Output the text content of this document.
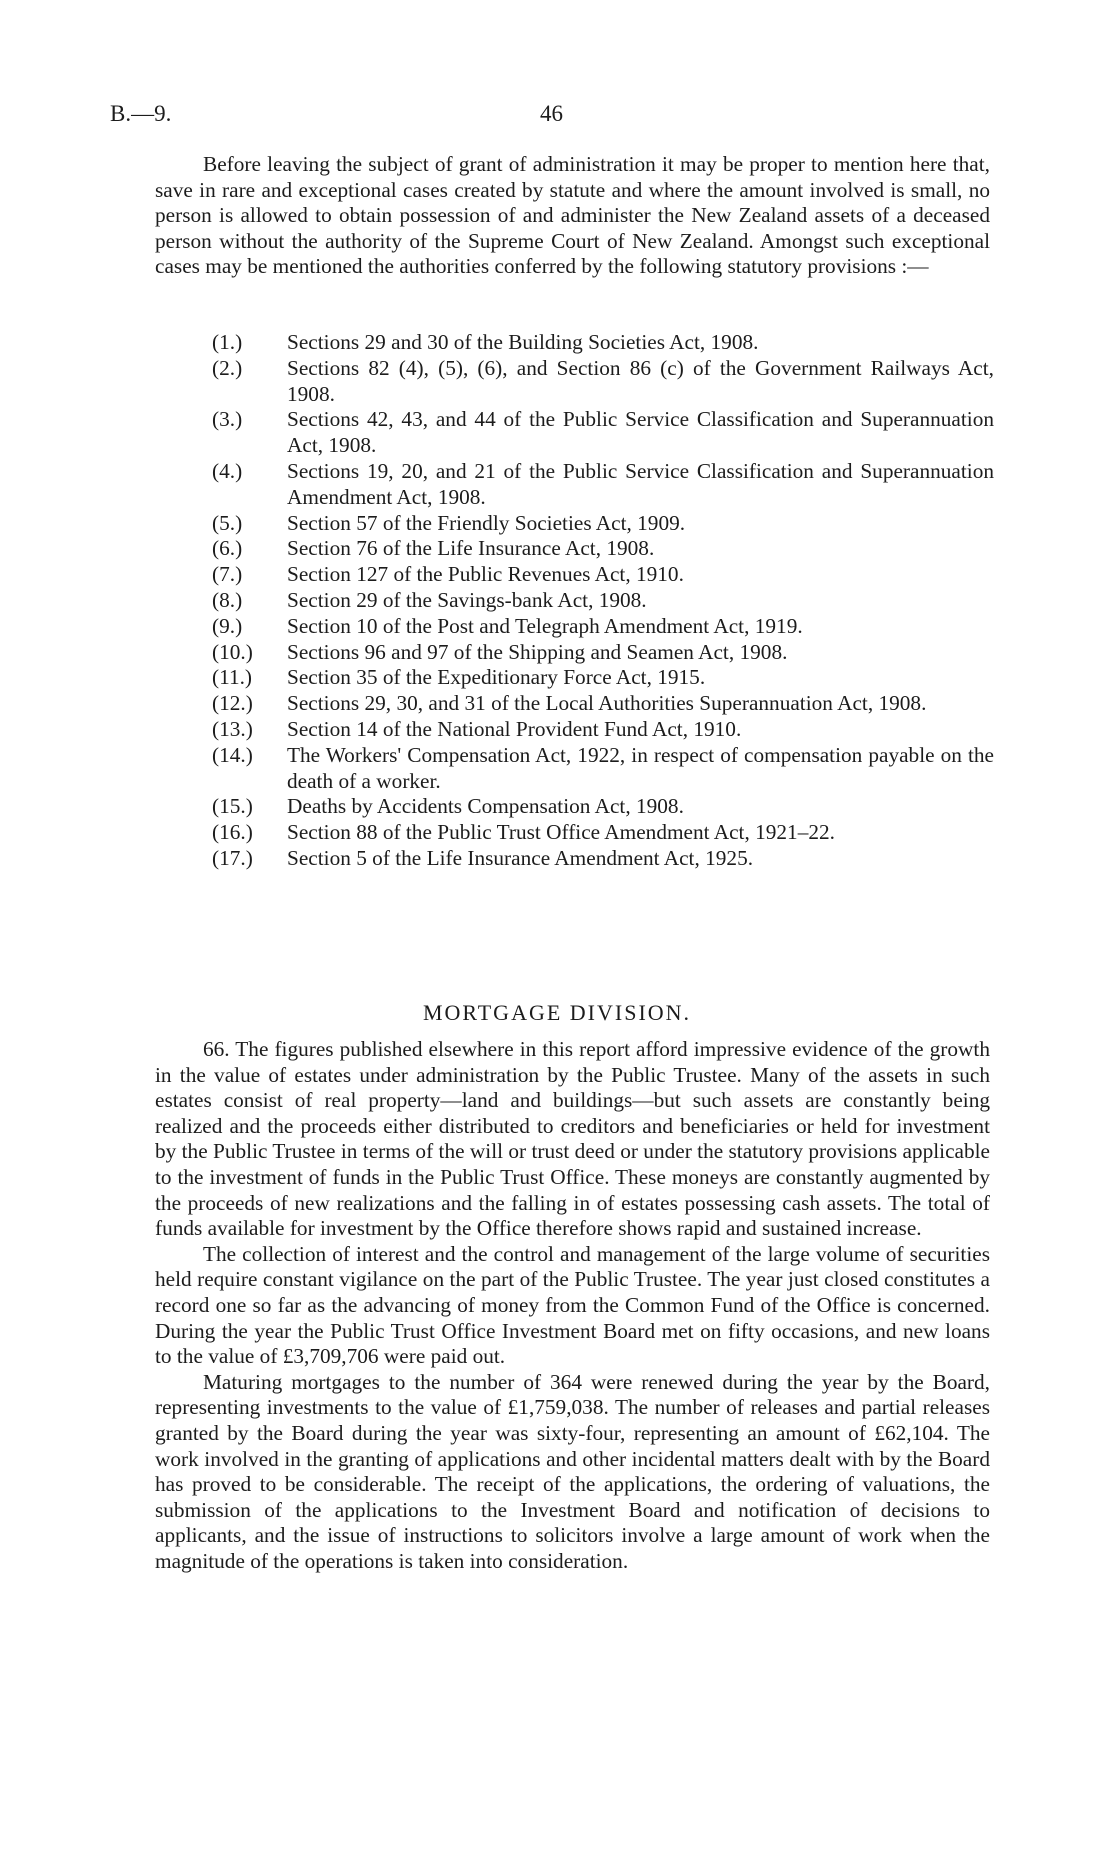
B.—9.	46

Before leaving the subject of grant of administration it may be proper to mention here that, save in rare and exceptional cases created by statute and where the amount involved is small, no person is allowed to obtain possession of and administer the New Zealand assets of a deceased person without the authority of the Supreme Court of New Zealand. Amongst such exceptional cases may be mentioned the authorities conferred by the following statutory provisions :—

(1.) Sections 29 and 30 of the Building Societies Act, 1908.
(2.) Sections 82 (4), (5), (6), and Section 86 (c) of the Government Railways Act, 1908.
(3.) Sections 42, 43, and 44 of the Public Service Classification and Superannuation Act, 1908.
(4.) Sections 19, 20, and 21 of the Public Service Classification and Superannuation Amendment Act, 1908.
(5.) Section 57 of the Friendly Societies Act, 1909.
(6.) Section 76 of the Life Insurance Act, 1908.
(7.) Section 127 of the Public Revenues Act, 1910.
(8.) Section 29 of the Savings-bank Act, 1908.
(9.) Section 10 of the Post and Telegraph Amendment Act, 1919.
(10.) Sections 96 and 97 of the Shipping and Seamen Act, 1908.
(11.) Section 35 of the Expeditionary Force Act, 1915.
(12.) Sections 29, 30, and 31 of the Local Authorities Superannuation Act, 1908.
(13.) Section 14 of the National Provident Fund Act, 1910.
(14.) The Workers' Compensation Act, 1922, in respect of compensation payable on the death of a worker.
(15.) Deaths by Accidents Compensation Act, 1908.
(16.) Section 88 of the Public Trust Office Amendment Act, 1921–22.
(17.) Section 5 of the Life Insurance Amendment Act, 1925.
MORTGAGE DIVISION.

66. The figures published elsewhere in this report afford impressive evidence of the growth in the value of estates under administration by the Public Trustee. Many of the assets in such estates consist of real property—land and buildings—but such assets are constantly being realized and the proceeds either distributed to creditors and beneficiaries or held for investment by the Public Trustee in terms of the will or trust deed or under the statutory provisions applicable to the investment of funds in the Public Trust Office. These moneys are constantly augmented by the proceeds of new realizations and the falling in of estates possessing cash assets. The total of funds available for investment by the Office therefore shows rapid and sustained increase.

The collection of interest and the control and management of the large volume of securities held require constant vigilance on the part of the Public Trustee. The year just closed constitutes a record one so far as the advancing of money from the Common Fund of the Office is concerned. During the year the Public Trust Office Investment Board met on fifty occasions, and new loans to the value of £3,709,706 were paid out.

Maturing mortgages to the number of 364 were renewed during the year by the Board, representing investments to the value of £1,759,038. The number of releases and partial releases granted by the Board during the year was sixty-four, representing an amount of £62,104. The work involved in the granting of applications and other incidental matters dealt with by the Board has proved to be considerable. The receipt of the applications, the ordering of valuations, the submission of the applications to the Investment Board and notification of decisions to applicants, and the issue of instructions to solicitors involve a large amount of work when the magnitude of the operations is taken into consideration.
